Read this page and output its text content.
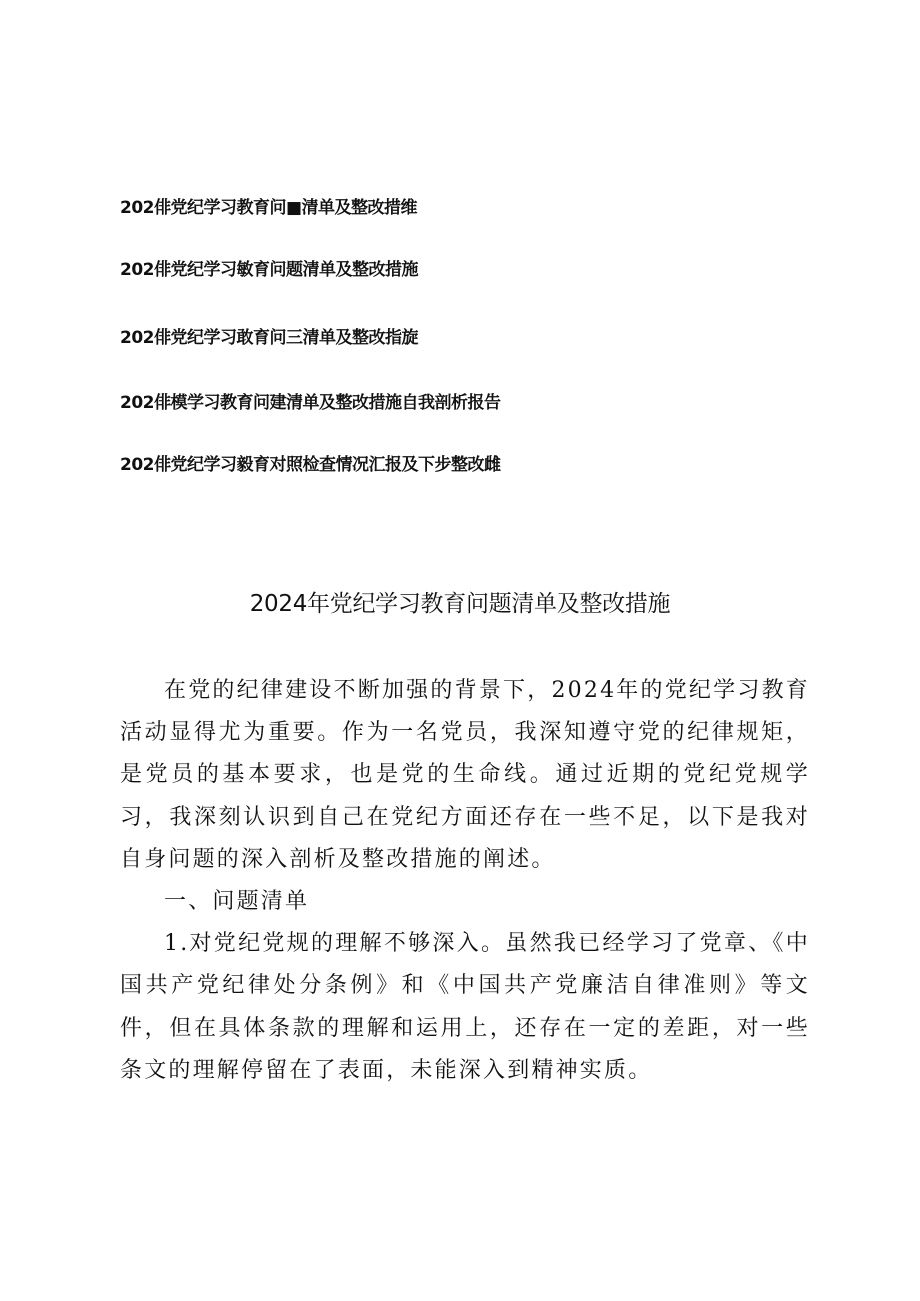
202俳党纪学习教育问■清单及整改措维
202俳党纪学习敏育问题清单及整改措施
202俳党纪学习敢育问三清单及整改指旋
202俳模学习教育问建清单及整改措施自我剖析报告
202俳党纪学习毅育对照检查情况汇报及下步整改雌
2024年党纪学习教育问题清单及整改措施

在党的纪律建设不断加强的背景下，2024年的党纪学习教育活动显得尤为重要。作为一名党员，我深知遵守党的纪律规矩，是党员的基本要求，也是党的生命线。通过近期的党纪党规学习，我深刻认识到自己在党纪方面还存在一些不足，以下是我对自身问题的深入剖析及整改措施的阐述。

一、问题清单

1.对党纪党规的理解不够深入。虽然我已经学习了党章、《中国共产党纪律处分条例》和《中国共产党廉洁自律准则》等文件，但在具体条款的理解和运用上，还存在一定的差距，对一些条文的理解停留在了表面，未能深入到精神实质。
